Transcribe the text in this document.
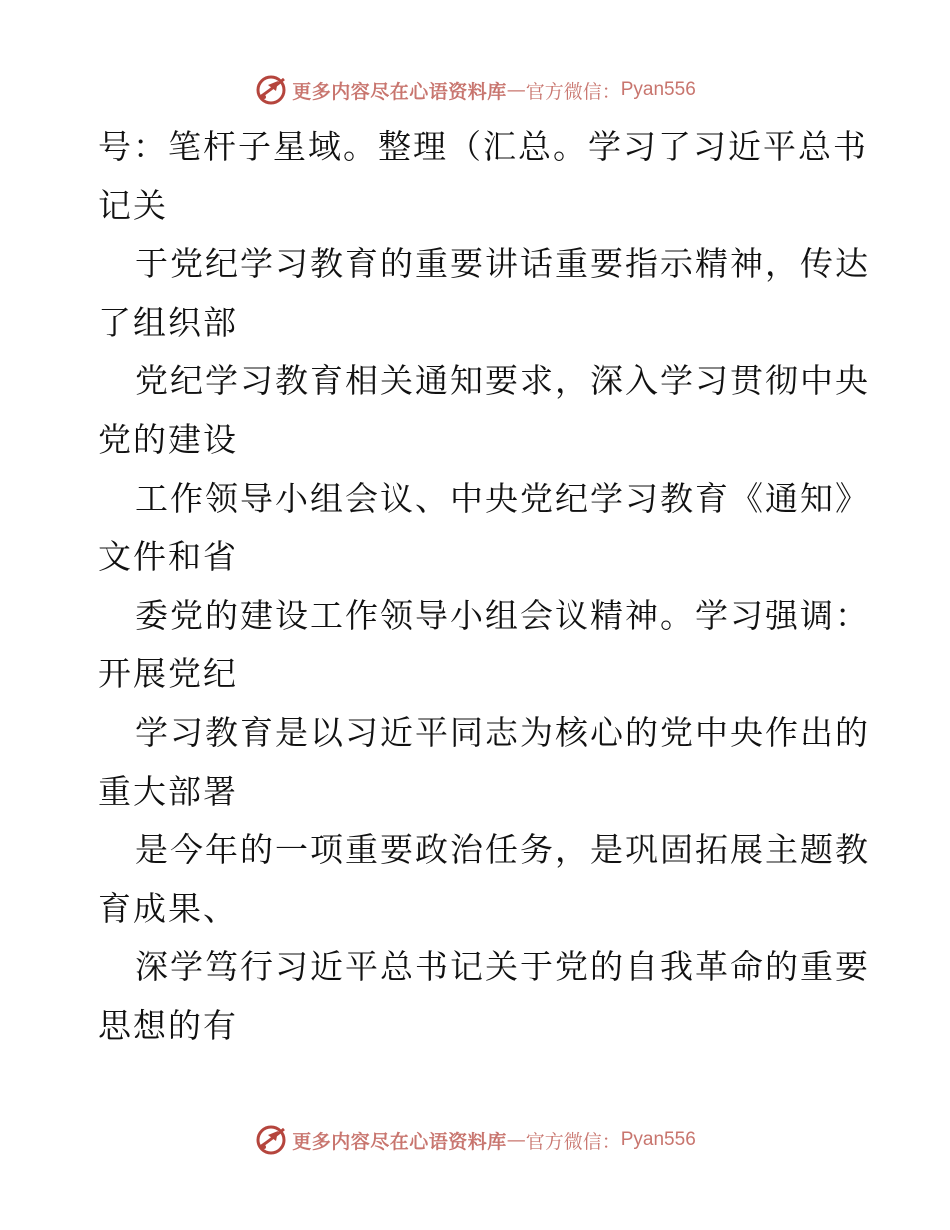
更多内容尽在心语资料库 — 官方微信： Pyan556
号：笔杆子星域。整理（汇总。学习了习近平总书
记关
于党纪学习教育的重要讲话重要指示精神，传达
了组织部
党纪学习教育相关通知要求，深入学习贯彻中央
党的建设
工作领导小组会议、中央党纪学习教育《通知》
文件和省
委党的建设工作领导小组会议精神。学习强调：
开展党纪
学习教育是以习近平同志为核心的党中央作出的
重大部署
是今年的一项重要政治任务，是巩固拓展主题教
育成果、
深学笃行习近平总书记关于党的自我革命的重要
思想的有
更多内容尽在心语资料库 — 官方微信： Pyan556
